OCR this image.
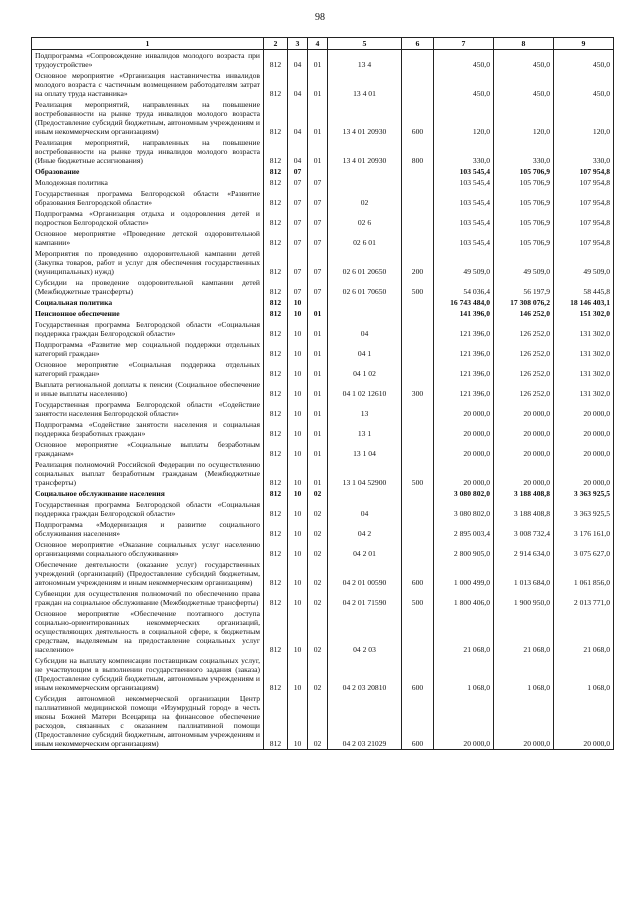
98
1	2	3	4	5	6	7	8	9
Подпрограмма «Сопровождение инвалидов молодого возраста при трудоустройстве»	812	04	01	13 4		450,0	450,0	450,0
Основное мероприятие «Организация наставничества инвалидов молодого возраста с частичным возмещением работодателям затрат на оплату труда наставника»	812	04	01	13 4 01		450,0	450,0	450,0
Реализация мероприятий, направленных на повышение востребованности на рынке труда инвалидов молодого возраста (Предоставление субсидий бюджетным, автономным учреждениям и иным некоммерческим организациям)	812	04	01	13 4 01 20930	600	120,0	120,0	120,0
Реализация мероприятий, направленных на повышение востребованности на рынке труда инвалидов молодого возраста (Иные бюджетные ассигнования)	812	04	01	13 4 01 20930	800	330,0	330,0	330,0
Образование	812	07				103 545,4	105 706,9	107 954,8
Молодежная политика	812	07	07			103 545,4	105 706,9	107 954,8
Государственная программа Белгородской области «Развитие образования Белгородской области»	812	07	07	02		103 545,4	105 706,9	107 954,8
Подпрограмма «Организация отдыха и оздоровления детей и подростков Белгородской области»	812	07	07	02 6		103 545,4	105 706,9	107 954,8
Основное мероприятие «Проведение детской оздоровительной кампании»	812	07	07	02 6 01		103 545,4	105 706,9	107 954,8
Мероприятия по проведению оздоровительной кампании детей (Закупка товаров, работ и услуг для обеспечения государственных (муниципальных) нужд)	812	07	07	02 6 01 20650	200	49 509,0	49 509,0	49 509,0
Субсидии на проведение оздоровительной кампании детей (Межбюджетные трансферты)	812	07	07	02 6 01 70650	500	54 036,4	56 197,9	58 445,8
Социальная политика	812	10				16 743 484,0	17 308 076,2	18 146 403,1
Пенсионное обеспечение	812	10	01			141 396,0	146 252,0	151 302,0
Государственная программа Белгородской области «Социальная поддержка граждан Белгородской области»	812	10	01	04		121 396,0	126 252,0	131 302,0
Подпрограмма «Развитие мер социальной поддержки отдельных категорий граждан»	812	10	01	04 1		121 396,0	126 252,0	131 302,0
Основное мероприятие «Социальная поддержка отдельных категорий граждан»	812	10	01	04 1 02		121 396,0	126 252,0	131 302,0
Выплата региональной доплаты к пенсии (Социальное обеспечение и иные выплаты населению)	812	10	01	04 1 02 12610	300	121 396,0	126 252,0	131 302,0
Государственная программа Белгородской области «Содействие занятости населения Белгородской области»	812	10	01	13		20 000,0	20 000,0	20 000,0
Подпрограмма «Содействие занятости населения и социальная поддержка безработных граждан»	812	10	01	13 1		20 000,0	20 000,0	20 000,0
Основное мероприятие «Социальные выплаты безработным гражданам»	812	10	01	13 1 04		20 000,0	20 000,0	20 000,0
Реализация полномочий Российской Федерации по осуществлению социальных выплат безработным гражданам (Межбюджетные трансферты)	812	10	01	13 1 04 52900	500	20 000,0	20 000,0	20 000,0
Социальное обслуживание населения	812	10	02			3 080 802,0	3 188 408,8	3 363 925,5
Государственная программа Белгородской области «Социальная поддержка граждан Белгородской области»	812	10	02	04		3 080 802,0	3 188 408,8	3 363 925,5
Подпрограмма «Модернизация и развитие социального обслуживания населения»	812	10	02	04 2		2 895 003,4	3 008 732,4	3 176 161,0
Основное мероприятие «Оказание социальных услуг населению организациями социального обслуживания»	812	10	02	04 2 01		2 800 905,0	2 914 634,0	3 075 627,0
Обеспечение деятельности (оказание услуг) государственных учреждений (организаций) (Предоставление субсидий бюджетным, автономным учреждениям и иным некоммерческим организациям)	812	10	02	04 2 01 00590	600	1 000 499,0	1 013 684,0	1 061 856,0
Субвенции для осуществления полномочий по обеспечению права граждан на социальное обслуживание (Межбюджетные трансферты)	812	10	02	04 2 01 71590	500	1 800 406,0	1 900 950,0	2 013 771,0
Основное мероприятие «Обеспечение поэтапного доступа социально-ориентированных некоммерческих организаций, осуществляющих деятельность в социальной сфере, к бюджетным средствам, выделяемым на предоставление социальных услуг населению»	812	10	02	04 2 03		21 068,0	21 068,0	21 068,0
Субсидии на выплату компенсации поставщикам социальных услуг, не участвующим в выполнении государственного задания (заказа) (Предоставление субсидий бюджетным, автономным учреждениям и иным некоммерческим организациям)	812	10	02	04 2 03 20810	600	1 068,0	1 068,0	1 068,0
Субсидия автономной некоммерческой организации Центр паллиативной медицинской помощи «Изумрудный город» в честь иконы Божией Матери Всецарица на финансовое обеспечение расходов, связанных с оказанием паллиативной помощи (Предоставление субсидий бюджетным, автономным учреждениям и иным некоммерческим организациям)	812	10	02	04 2 03 21029	600	20 000,0	20 000,0	20 000,0
